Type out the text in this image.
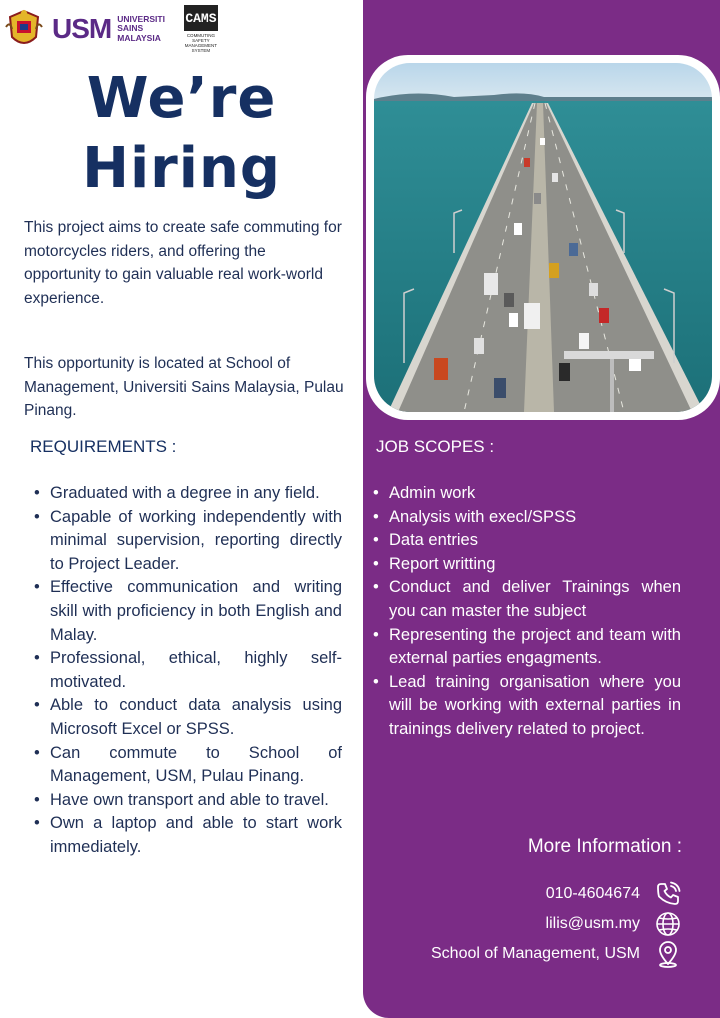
USM UNIVERSITI
SAINS
MALAYSIA
CAMS
COMMUTING SAFETY MANAGEMENT SYSTEM
We’re
Hiring

This project aims to create safe commuting for motorcycles riders, and offering the opportunity to gain valuable real work-world experience.

This opportunity is located at School of Management, Universiti Sains Malaysia, Pulau Pinang.

REQUIREMENTS :	JOB SCOPES :
• Graduated with a degree in any field.
• Capable of working independently with minimal supervision, reporting directly to Project Leader.
• Effective communication and writing skill with proficiency in both English and Malay.
• Professional, ethical, highly self-motivated.
• Able to conduct data analysis using Microsoft Excel or SPSS.
• Can commute to School of Management, USM, Pulau Pinang.
• Have own transport and able to travel.
• Own a laptop and able to start work immediately.
• Admin work
• Analysis with execl/SPSS
• Data entries
• Report writting
• Conduct and deliver Trainings when you can master the subject
• Representing the project and team with external parties engagments.
• Lead training organisation where you will be working with external parties in trainings delivery related to project.
More Information :
010-4604674
lilis@usm.my
School of Management, USM
